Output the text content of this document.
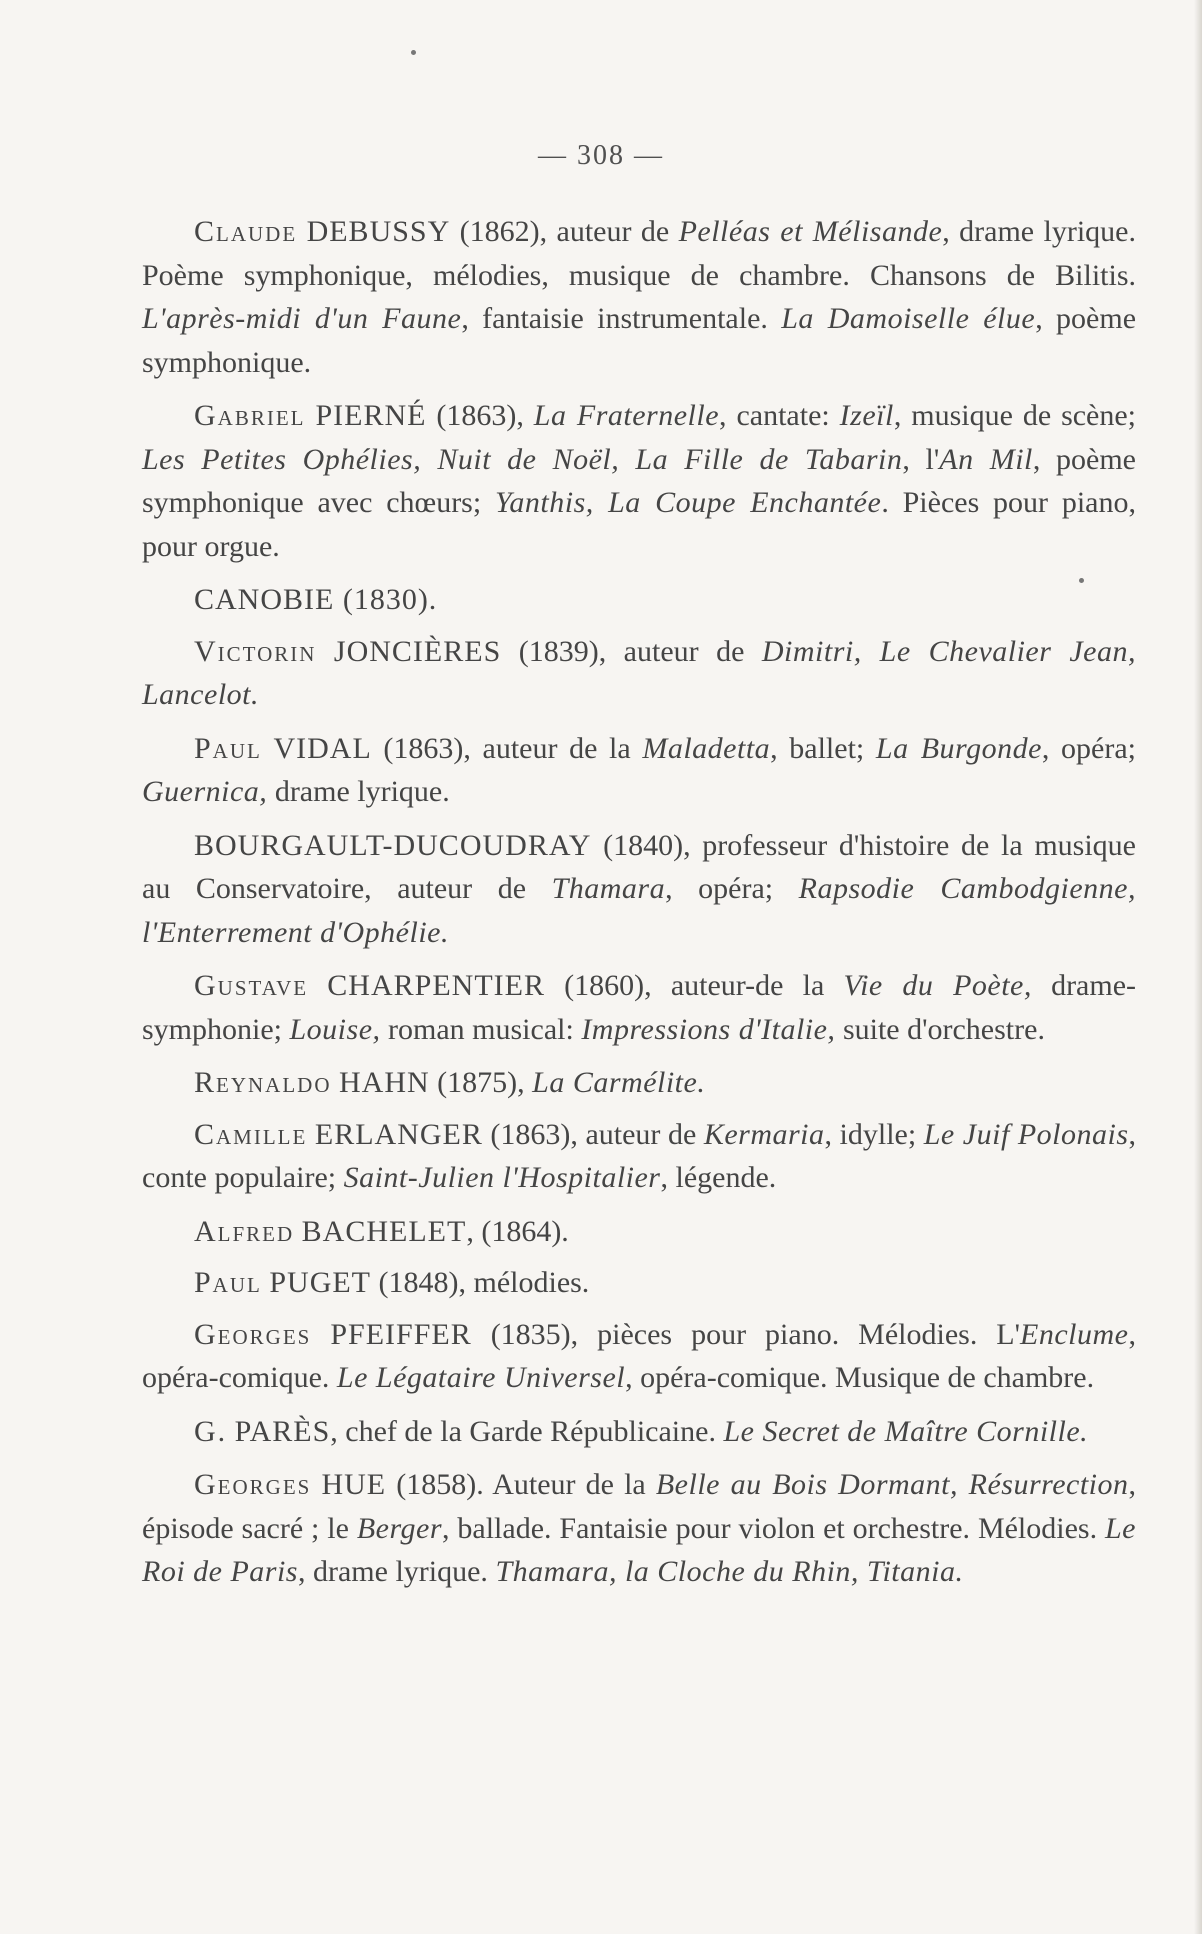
— 308 —

Claude DEBUSSY (1862), auteur de Pelléas et Mélisande, drame lyrique. Poème symphonique, mélodies, musique de chambre. Chansons de Bilitis. L'après-midi d'un Faune, fantaisie instrumentale. La Damoiselle élue, poème symphonique.

Gabriel PIERNÉ (1863), La Fraternelle, cantate: Izeïl, musique de scène; Les Petites Ophélies, Nuit de Noël, La Fille de Tabarin, l'An Mil, poème symphonique avec chœurs; Yanthis, La Coupe Enchantée. Pièces pour piano, pour orgue.

CANOBIE (1830).

Victorin JONCIÈRES (1839), auteur de Dimitri, Le Chevalier Jean, Lancelot.

Paul VIDAL (1863), auteur de la Maladetta, ballet; La Burgonde, opéra; Guernica, drame lyrique.

BOURGAULT-DUCOUDRAY (1840), professeur d'histoire de la musique au Conservatoire, auteur de Thamara, opéra; Rapsodie Cambodgienne, l'Enterrement d'Ophélie.

Gustave CHARPENTIER (1860), auteur-de la Vie du Poète, drame-symphonie; Louise, roman musical: Impressions d'Italie, suite d'orchestre.

Reynaldo HAHN (1875), La Carmélite.

Camille ERLANGER (1863), auteur de Kermaria, idylle; Le Juif Polonais, conte populaire; Saint-Julien l'Hospitalier, légende.

Alfred BACHELET, (1864).

Paul PUGET (1848), mélodies.

Georges PFEIFFER (1835), pièces pour piano. Mélodies. L'Enclume, opéra-comique. Le Légataire Universel, opéra-comique. Musique de chambre.

G. PARÈS, chef de la Garde Républicaine. Le Secret de Maître Cornille.

Georges HUE (1858). Auteur de la Belle au Bois Dormant, Résurrection, épisode sacré ; le Berger, ballade. Fantaisie pour violon et orchestre. Mélodies. Le Roi de Paris, drame lyrique. Thamara, la Cloche du Rhin, Titania.
